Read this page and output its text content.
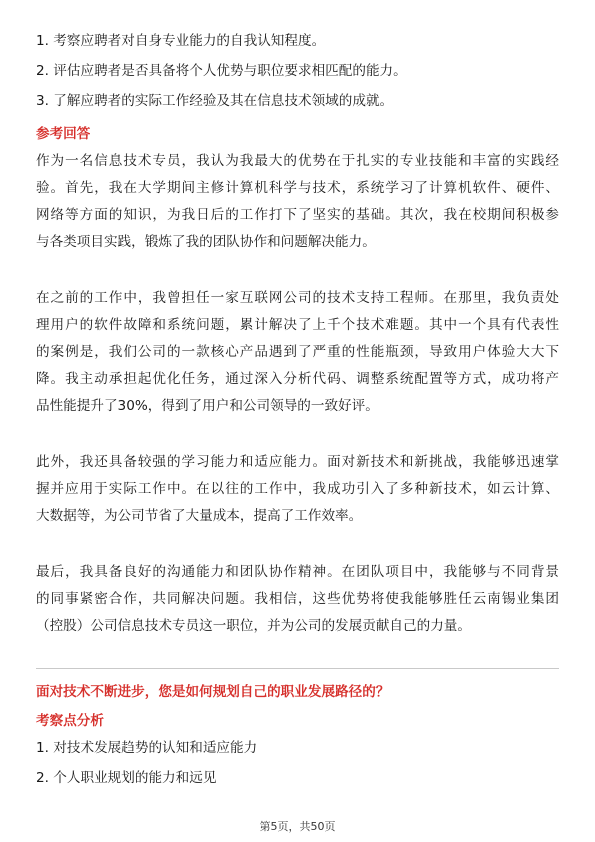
1. 考察应聘者对自身专业能力的自我认知程度。
2. 评估应聘者是否具备将个人优势与职位要求相匹配的能力。
3. 了解应聘者的实际工作经验及其在信息技术领域的成就。
参考回答
作为一名信息技术专员，我认为我最大的优势在于扎实的专业技能和丰富的实践经
验。首先，我在大学期间主修计算机科学与技术，系统学习了计算机软件、硬件、
网络等方面的知识，为我日后的工作打下了坚实的基础。其次，我在校期间积极参
与各类项目实践，锻炼了我的团队协作和问题解决能力。
在之前的工作中，我曾担任一家互联网公司的技术支持工程师。在那里，我负责处
理用户的软件故障和系统问题，累计解决了上千个技术难题。其中一个具有代表性
的案例是，我们公司的一款核心产品遇到了严重的性能瓶颈，导致用户体验大大下
降。我主动承担起优化任务，通过深入分析代码、调整系统配置等方式，成功将产
品性能提升了30%，得到了用户和公司领导的一致好评。
此外，我还具备较强的学习能力和适应能力。面对新技术和新挑战，我能够迅速掌
握并应用于实际工作中。在以往的工作中，我成功引入了多种新技术，如云计算、
大数据等，为公司节省了大量成本，提高了工作效率。
最后，我具备良好的沟通能力和团队协作精神。在团队项目中，我能够与不同背景
的同事紧密合作，共同解决问题。我相信，这些优势将使我能够胜任云南锡业集团
（控股）公司信息技术专员这一职位，并为公司的发展贡献自己的力量。
面对技术不断进步，您是如何规划自己的职业发展路径的？
考察点分析
1. 对技术发展趋势的认知和适应能力
2. 个人职业规划的能力和远见
第5页，共50页
